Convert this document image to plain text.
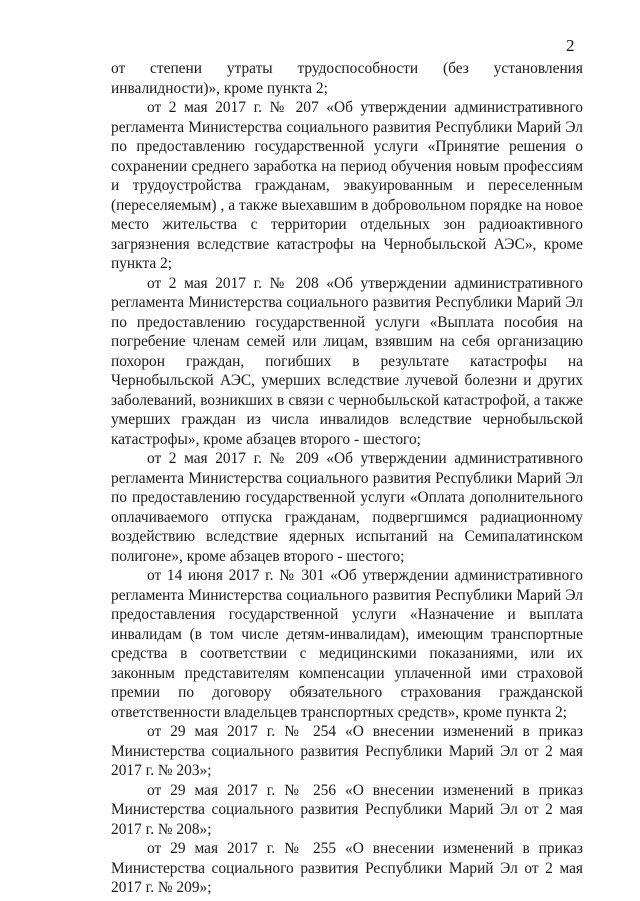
2

от степени утраты трудоспособности (без установления инвалидности)», кроме пункта 2;

от 2 мая 2017 г. № 207 «Об утверждении административного регламента Министерства социального развития Республики Марий Эл по предоставлению государственной услуги «Принятие решения о сохранении среднего заработка на период обучения новым профессиям и трудоустройства гражданам, эвакуированным и переселенным (переселяемым) , а также выехавшим в добровольном порядке на новое место жительства с территории отдельных зон радиоактивного загрязнения вследствие катастрофы на Чернобыльской АЭС», кроме пункта 2;

от 2 мая 2017 г. № 208 «Об утверждении административного регламента Министерства социального развития Республики Марий Эл по предоставлению государственной услуги «Выплата пособия на погребение членам семей или лицам, взявшим на себя организацию похорон граждан, погибших в результате катастрофы на Чернобыльской АЭС, умерших вследствие лучевой болезни и других заболеваний, возникших в связи с чернобыльской катастрофой, а также умерших граждан из числа инвалидов вследствие чернобыльской катастрофы», кроме абзацев второго - шестого;

от 2 мая 2017 г. № 209 «Об утверждении административного регламента Министерства социального развития Республики Марий Эл по предоставлению государственной услуги «Оплата дополнительного оплачиваемого отпуска гражданам, подвергшимся радиационному воздействию вследствие ядерных испытаний на Семипалатинском полигоне», кроме абзацев второго - шестого;

от 14 июня 2017 г. № 301 «Об утверждении административного регламента Министерства социального развития Республики Марий Эл предоставления государственной услуги «Назначение и выплата инвалидам (в том числе детям-инвалидам), имеющим транспортные средства в соответствии с медицинскими показаниями, или их законным представителям компенсации уплаченной ими страховой премии по договору обязательного страхования гражданской ответственности владельцев транспортных средств», кроме пункта 2;

от 29 мая 2017 г. № 254 «О внесении изменений в приказ Министерства социального развития Республики Марий Эл от 2 мая 2017 г. № 203»;

от 29 мая 2017 г. № 256 «О внесении изменений в приказ Министерства социального развития Республики Марий Эл от 2 мая 2017 г. № 208»;

от 29 мая 2017 г. № 255 «О внесении изменений в приказ Министерства социального развития Республики Марий Эл от 2 мая 2017 г. № 209»;
